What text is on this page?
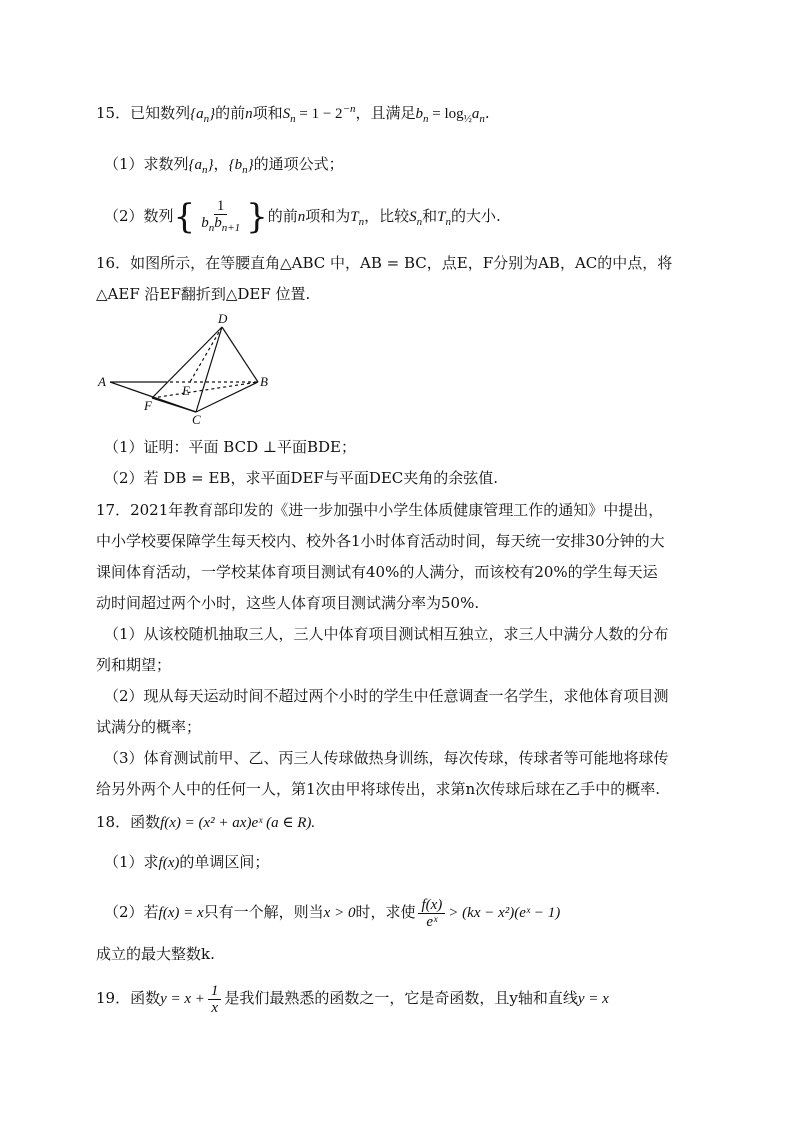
15．已知数列$\{a_n\}$的前n项和$S_n = 1 - 2^{-n}$，且满足$b_n = \log_{\frac{1}{2}}a_n$.
（1）求数列$\{a_n\}$，$\{b_n\}$的通项公式；
（2）数列{ $\frac{1}{b_nb_{n+1}}$ }的前n项和为$T_n$，比较$S_n$和$T_n$的大小.
16．如图所示，在等腰直角△ABC 中，AB = BC，点E，F分别为AB，AC的中点，将
△AEF 沿EF翻折到△DEF 位置.
D
A	B
E
F
C
（1）证明：平面 BCD ⊥平面BDE；
（2）若 DB = EB，求平面DEF与平面DEC夹角的余弦值.
17．2021年教育部印发的《进一步加强中小学生体质健康管理工作的通知》中提出，
中小学校要保障学生每天校内、校外各1小时体育活动时间，每天统一安排30分钟的大
课间体育活动，一学校某体育项目测试有40%的人满分，而该校有20%的学生每天运
动时间超过两个小时，这些人体育项目测试满分率为50%.
（1）从该校随机抽取三人，三人中体育项目测试相互独立，求三人中满分人数的分布
列和期望；
（2）现从每天运动时间不超过两个小时的学生中任意调查一名学生，求他体育项目测
试满分的概率；
（3）体育测试前甲、乙、丙三人传球做热身训练，每次传球，传球者等可能地将球传
给另外两个人中的任何一人，第1次由甲将球传出，求第n次传球后球在乙手中的概率.
18．函数f(x) = (x² + ax)eˣ (a ∈ R).
（1）求f(x)的单调区间；
（2）若f(x) = x只有一个解，则当x > 0时，求使 $\frac{f(x)}{\text{eˣ}} > (kx$ − x²)(eˣ − 1)
成立的最大整数k.
19．函数$y = x + \frac{1}{x}$ 是我们最熟悉的函数之一，它是奇函数，且y轴和直线y = x
